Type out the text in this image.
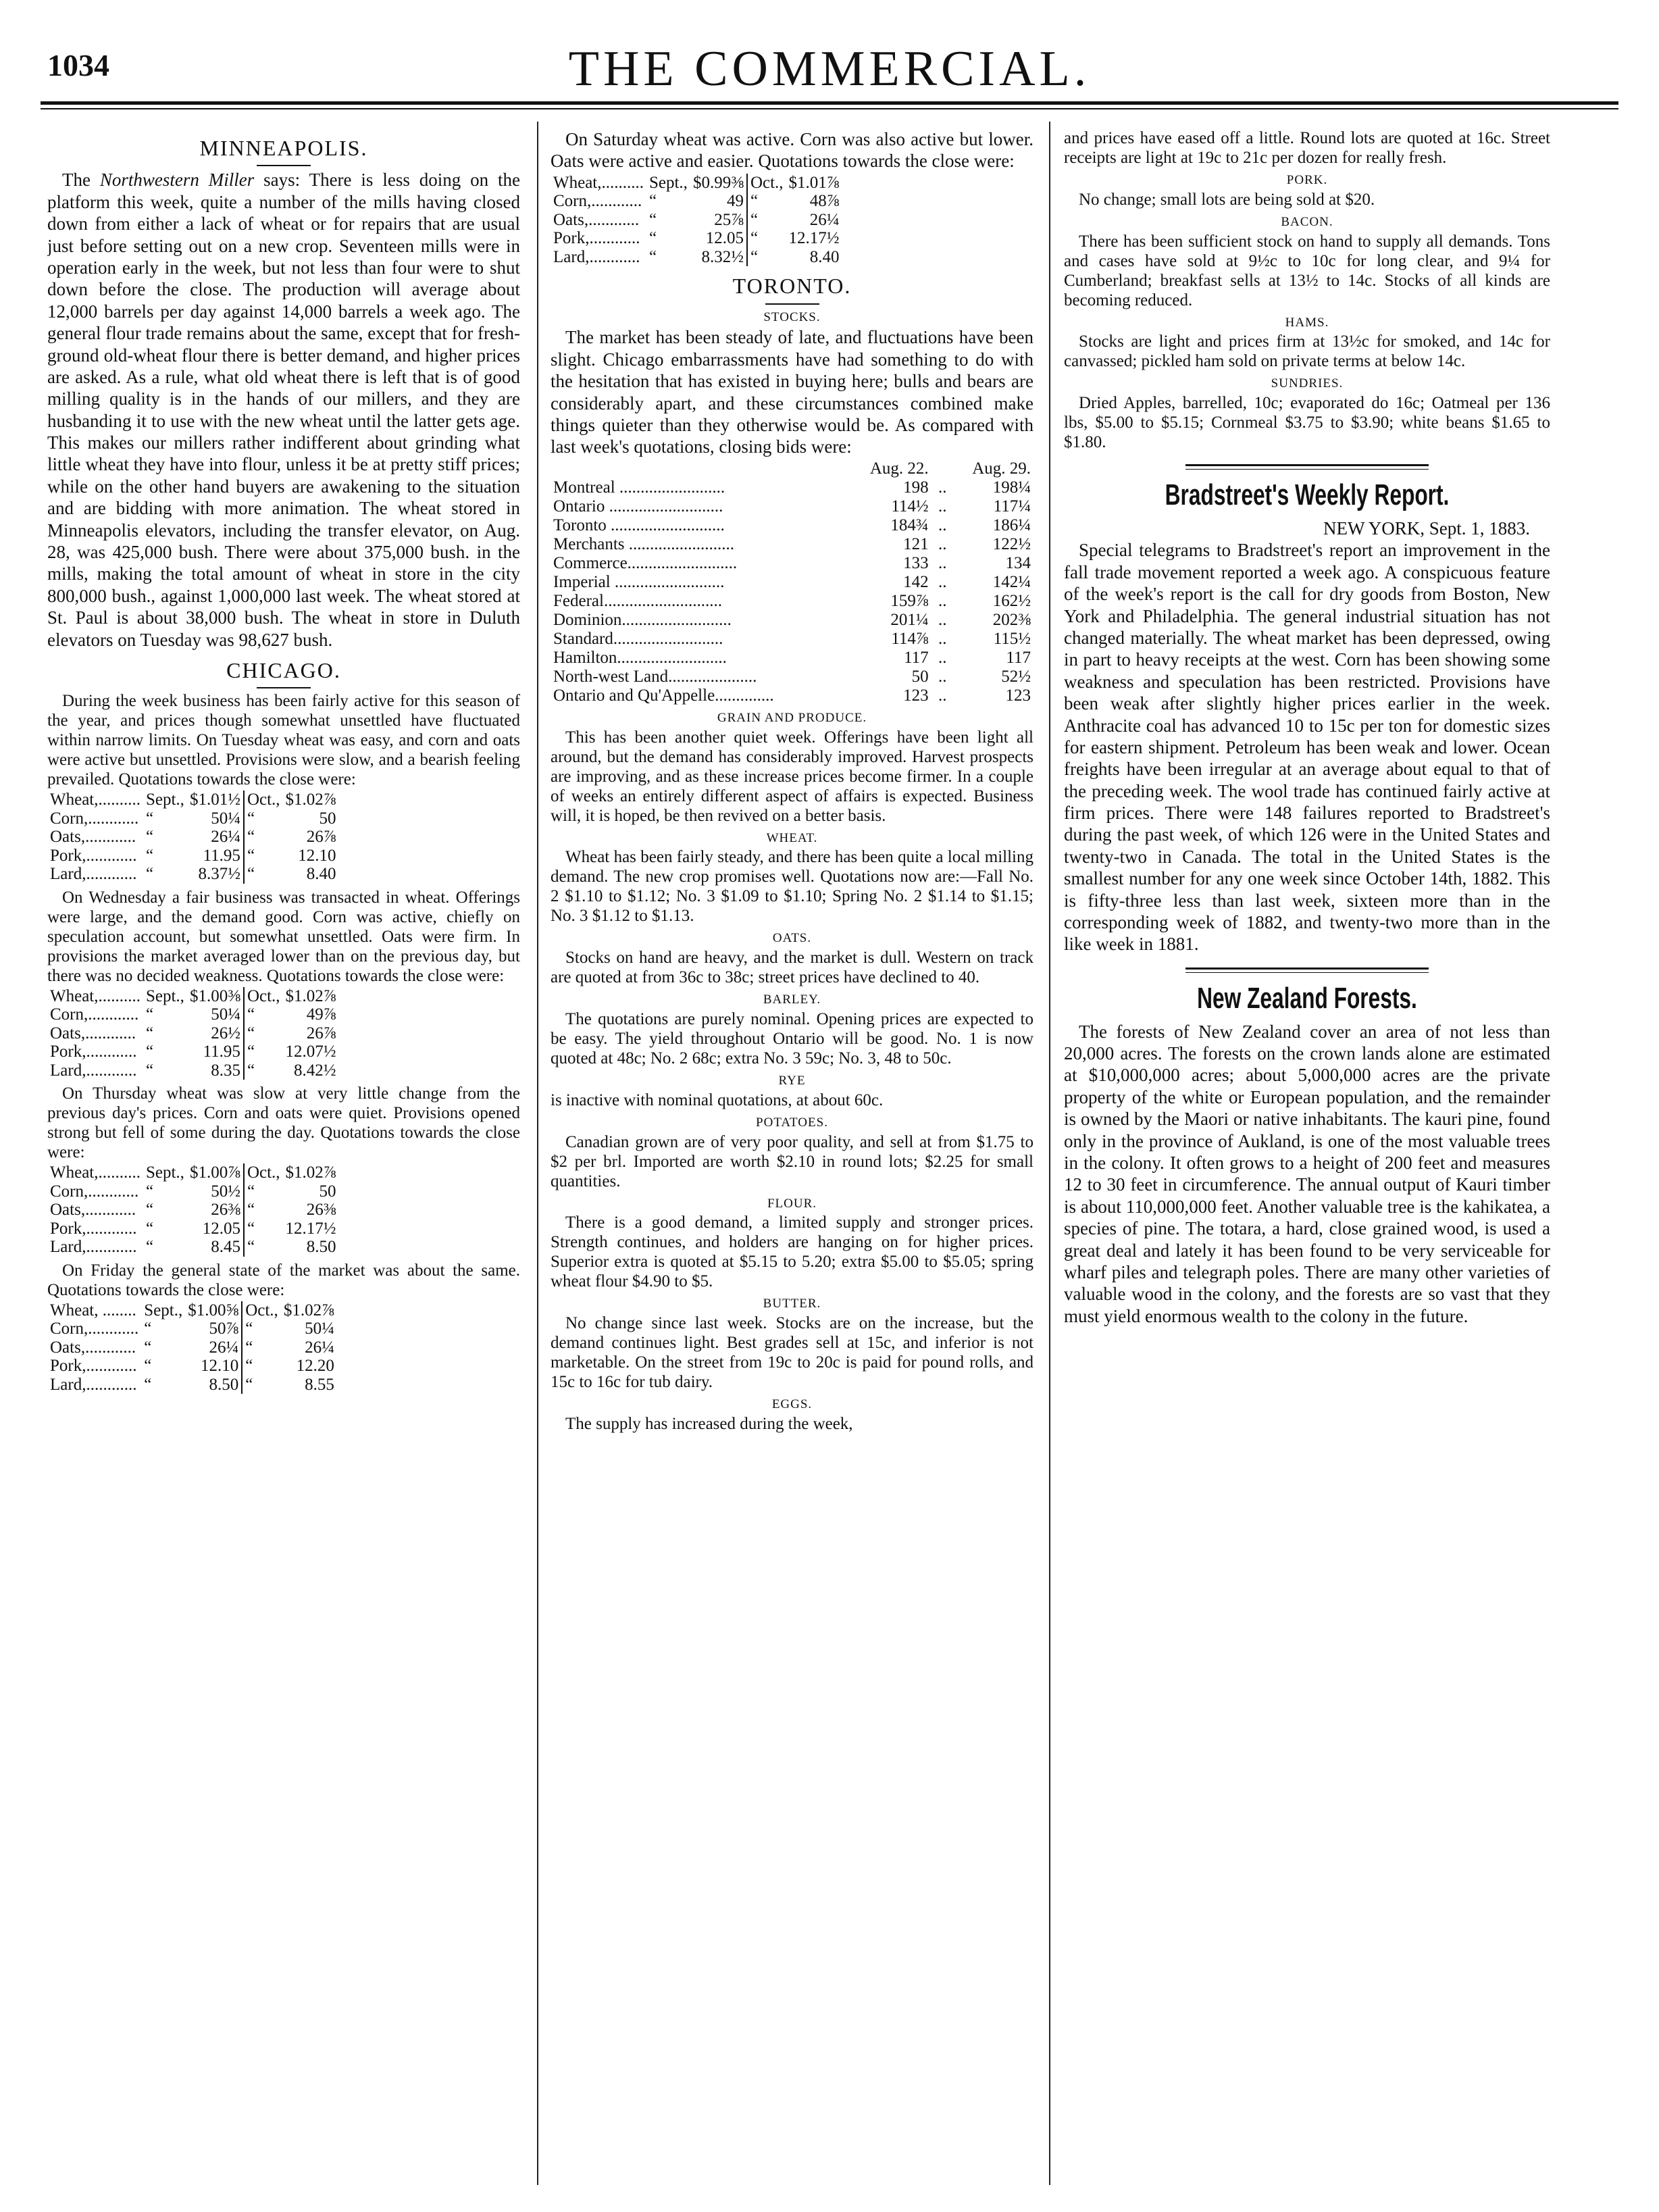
1034	THE COMMERCIAL.
MINNEAPOLIS.

The Northwestern Miller says: There is less doing on the platform this week, quite a number of the mills having closed down from either a lack of wheat or for repairs that are usual just before setting out on a new crop. Seventeen mills were in operation early in the week, but not less than four were to shut down before the close. The production will average about 12,000 barrels per day against 14,000 barrels a week ago. The general flour trade remains about the same, except that for fresh-ground old-wheat flour there is better demand, and higher prices are asked. As a rule, what old wheat there is left that is of good milling quality is in the hands of our millers, and they are husbanding it to use with the new wheat until the latter gets age. This makes our millers rather indifferent about grinding what little wheat they have into flour, unless it be at pretty stiff prices; while on the other hand buyers are awakening to the situation and are bidding with more animation. The wheat stored in Minneapolis elevators, including the transfer elevator, on Aug. 28, was 425,000 bush. There were about 375,000 bush. in the mills, making the total amount of wheat in store in the city 800,000 bush., against 1,000,000 last week. The wheat stored at St. Paul is about 38,000 bush. The wheat in store in Duluth elevators on Tuesday was 98,627 bush.

CHICAGO.

During the week business has been fairly active for this season of the year, and prices though somewhat unsettled have fluctuated within narrow limits. On Tuesday wheat was easy, and corn and oats were active but unsettled. Provisions were slow, and a bearish feeling prevailed. Quotations towards the close were:

Wheat,..........	Sept.,	$1.01½	Oct.,	$1.02⅞
Corn,............	“	50¼	“	50
Oats,............	“	26¼	“	26⅞
Pork,............	“	11.95	“	12.10
Lard,............	“	8.37½	“	8.40

On Wednesday a fair business was transacted in wheat. Offerings were large, and the demand good. Corn was active, chiefly on speculation account, but somewhat unsettled. Oats were firm. In provisions the market averaged lower than on the previous day, but there was no decided weakness. Quotations towards the close were:

Wheat,..........	Sept.,	$1.00⅜	Oct.,	$1.02⅞
Corn,............	“	50¼	“	49⅞
Oats,............	“	26½	“	26⅞
Pork,............	“	11.95	“	12.07½
Lard,............	“	8.35	“	8.42½

On Thursday wheat was slow at very little change from the previous day's prices. Corn and oats were quiet. Provisions opened strong but fell of some during the day. Quotations towards the close were:

Wheat,..........	Sept.,	$1.00⅞	Oct.,	$1.02⅞
Corn,............	“	50½	“	50
Oats,............	“	26⅜	“	26⅜
Pork,............	“	12.05	“	12.17½
Lard,............	“	8.45	“	8.50

On Friday the general state of the market was about the same. Quotations towards the close were:

Wheat, ........	Sept.,	$1.00⅝	Oct.,	$1.02⅞
Corn,............	“	50⅞	“	50¼
Oats,............	“	26¼	“	26¼
Pork,............	“	12.10	“	12.20
Lard,............	“	8.50	“	8.55

On Saturday wheat was active. Corn was also active but lower. Oats were active and easier. Quotations towards the close were:

Wheat,..........	Sept.,	$0.99⅜	Oct.,	$1.01⅞
Corn,............	“	49	“	48⅞
Oats,............	“	25⅞	“	26¼
Pork,............	“	12.05	“	12.17½
Lard,............	“	8.32½	“	8.40
TORONTO.
STOCKS.

The market has been steady of late, and fluctuations have been slight. Chicago embarrassments have had something to do with the hesitation that has existed in buying here; bulls and bears are considerably apart, and these circumstances combined make things quieter than they otherwise would be. As compared with last week's quotations, closing bids were:

	Aug. 22.		Aug. 29.
Montreal .........................	198	..	198¼
Ontario ...........................	114½	..	117¼
Toronto ...........................	184¾	..	186¼
Merchants .........................	121	..	122½
Commerce..........................	133	..	134
Imperial ..........................	142	..	142¼
Federal............................	159⅞	..	162½
Dominion..........................	201¼	..	202⅜
Standard..........................	114⅞	..	115½
Hamilton..........................	117	..	117
North-west Land.....................	50	..	52½
Ontario and Qu'Appelle..............	123	..	123
GRAIN AND PRODUCE.

This has been another quiet week. Offerings have been light all around, but the demand has considerably improved. Harvest prospects are improving, and as these increase prices become firmer. In a couple of weeks an entirely different aspect of affairs is expected. Business will, it is hoped, be then revived on a better basis.

WHEAT.

Wheat has been fairly steady, and there has been quite a local milling demand. The new crop promises well. Quotations now are:—Fall No. 2 $1.10 to $1.12; No. 3 $1.09 to $1.10; Spring No. 2 $1.14 to $1.15; No. 3 $1.12 to $1.13.

OATS.

Stocks on hand are heavy, and the market is dull. Western on track are quoted at from 36c to 38c; street prices have declined to 40.

BARLEY.

The quotations are purely nominal. Opening prices are expected to be easy. The yield throughout Ontario will be good. No. 1 is now quoted at 48c; No. 2 68c; extra No. 3 59c; No. 3, 48 to 50c.

RYE

is inactive with nominal quotations, at about 60c.

POTATOES.

Canadian grown are of very poor quality, and sell at from $1.75 to $2 per brl. Imported are worth $2.10 in round lots; $2.25 for small quantities.

FLOUR.

There is a good demand, a limited supply and stronger prices. Strength continues, and holders are hanging on for higher prices. Superior extra is quoted at $5.15 to 5.20; extra $5.00 to $5.05; spring wheat flour $4.90 to $5.

BUTTER.

No change since last week. Stocks are on the increase, but the demand continues light. Best grades sell at 15c, and inferior is not marketable. On the street from 19c to 20c is paid for pound rolls, and 15c to 16c for tub dairy.

EGGS.

The supply has increased during the week,

and prices have eased off a little. Round lots are quoted at 16c. Street receipts are light at 19c to 21c per dozen for really fresh.

PORK.

No change; small lots are being sold at $20.

BACON.

There has been sufficient stock on hand to supply all demands. Tons and cases have sold at 9½c to 10c for long clear, and 9¼ for Cumberland; breakfast sells at 13½ to 14c. Stocks of all kinds are becoming reduced.

HAMS.

Stocks are light and prices firm at 13½c for smoked, and 14c for canvassed; pickled ham sold on private terms at below 14c.

SUNDRIES.

Dried Apples, barrelled, 10c; evaporated do 16c; Oatmeal per 136 lbs, $5.00 to $5.15; Cornmeal $3.75 to $3.90; white beans $1.65 to $1.80.

Bradstreet's Weekly Report.
NEW YORK, Sept. 1, 1883.

Special telegrams to Bradstreet's report an improvement in the fall trade movement reported a week ago. A conspicuous feature of the week's report is the call for dry goods from Boston, New York and Philadelphia. The general industrial situation has not changed materially. The wheat market has been depressed, owing in part to heavy receipts at the west. Corn has been showing some weakness and speculation has been restricted. Provisions have been weak after slightly higher prices earlier in the week. Anthracite coal has advanced 10 to 15c per ton for domestic sizes for eastern shipment. Petroleum has been weak and lower. Ocean freights have been irregular at an average about equal to that of the preceding week. The wool trade has continued fairly active at firm prices. There were 148 failures reported to Bradstreet's during the past week, of which 126 were in the United States and twenty-two in Canada. The total in the United States is the smallest number for any one week since October 14th, 1882. This is fifty-three less than last week, sixteen more than in the corresponding week of 1882, and twenty-two more than in the like week in 1881.

New Zealand Forests.

The forests of New Zealand cover an area of not less than 20,000 acres. The forests on the crown lands alone are estimated at $10,000,000 acres; about 5,000,000 acres are the private property of the white or European population, and the remainder is owned by the Maori or native inhabitants. The kauri pine, found only in the province of Aukland, is one of the most valuable trees in the colony. It often grows to a height of 200 feet and measures 12 to 30 feet in circumference. The annual output of Kauri timber is about 110,000,000 feet. Another valuable tree is the kahikatea, a species of pine. The totara, a hard, close grained wood, is used a great deal and lately it has been found to be very serviceable for wharf piles and telegraph poles. There are many other varieties of valuable wood in the colony, and the forests are so vast that they must yield enormous wealth to the colony in the future.
